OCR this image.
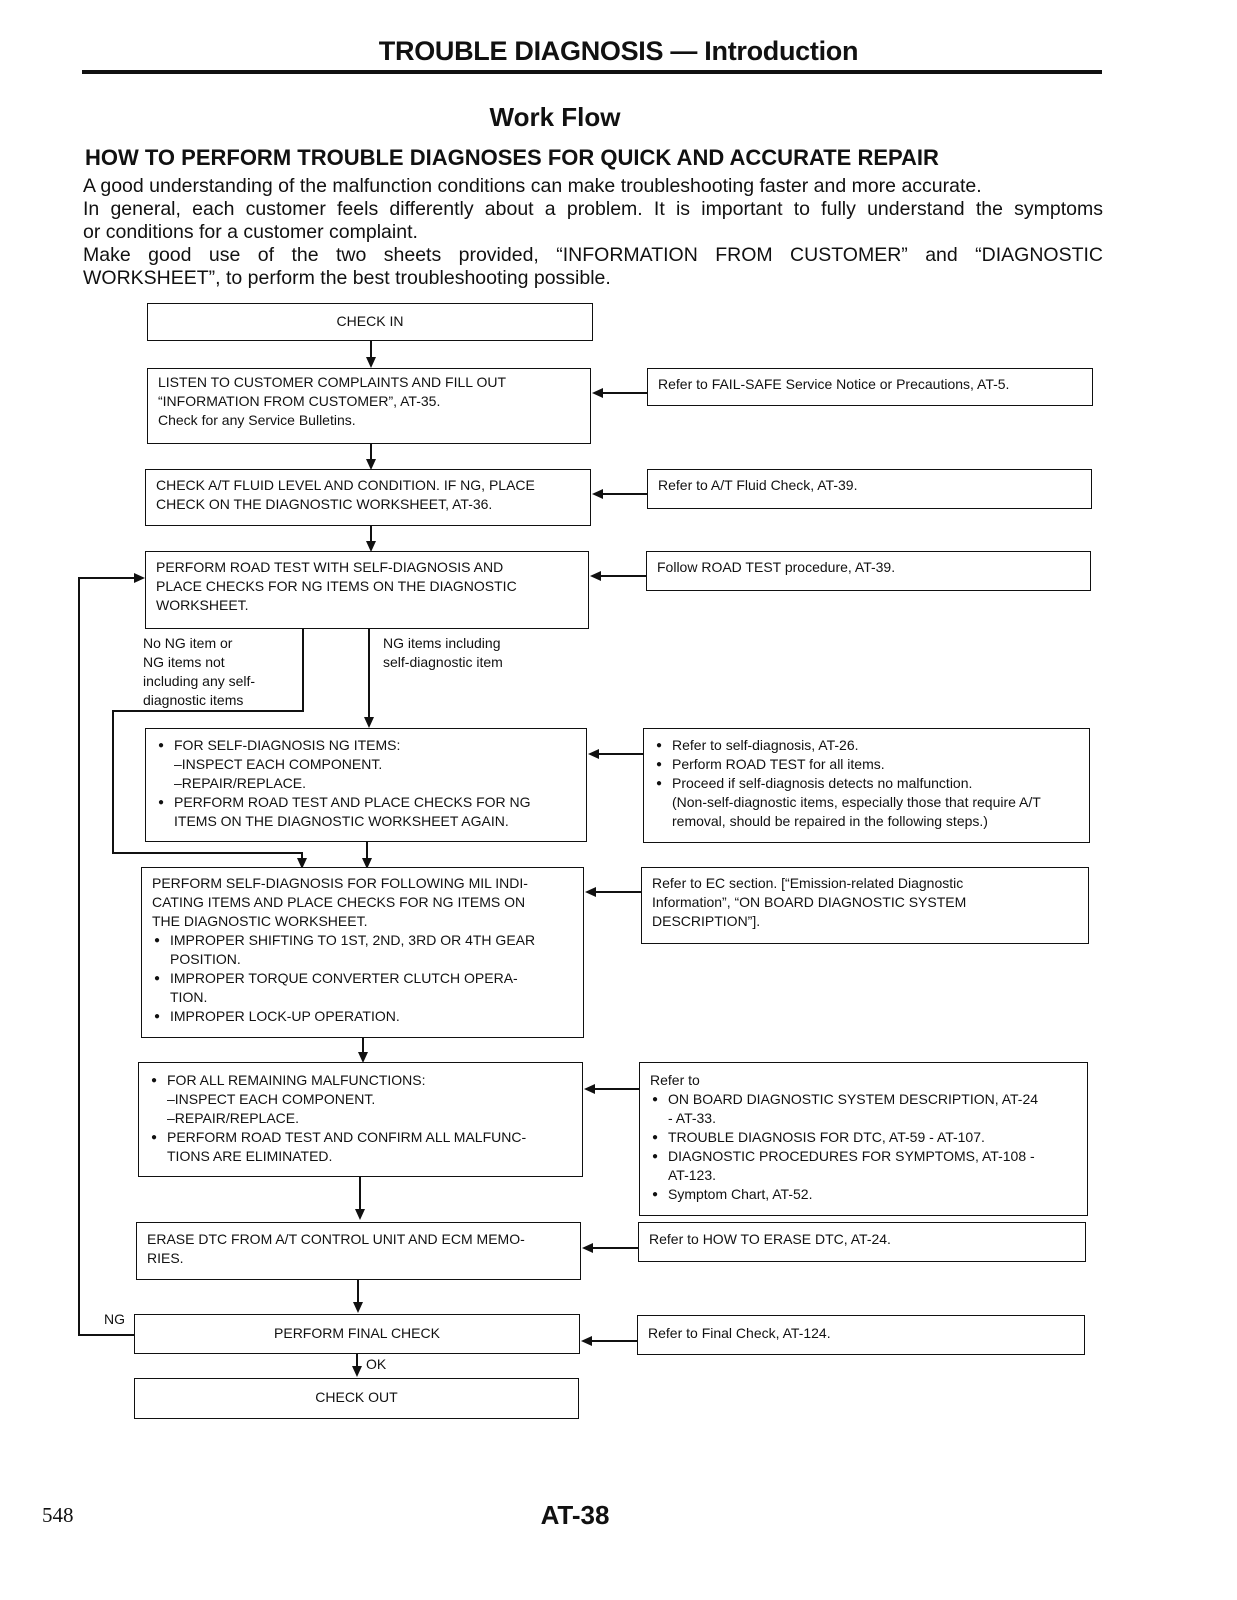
TROUBLE DIAGNOSIS — Introduction
Work Flow
HOW TO PERFORM TROUBLE DIAGNOSES FOR QUICK AND ACCURATE REPAIR

A good understanding of the malfunction conditions can make troubleshooting faster and more accurate.

In general, each customer feels differently about a problem. It is important to fully understand the symptoms

or conditions for a customer complaint.

Make good use of the two sheets provided, “INFORMATION FROM CUSTOMER” and “DIAGNOSTIC

WORKSHEET”, to perform the best troubleshooting possible.

CHECK IN
LISTEN TO CUSTOMER COMPLAINTS AND FILL OUT
“INFORMATION FROM CUSTOMER”, AT-35.
Check for any Service Bulletins.
Refer to FAIL-SAFE Service Notice or Precautions, AT-5.
CHECK A/T FLUID LEVEL AND CONDITION. IF NG, PLACE
CHECK ON THE DIAGNOSTIC WORKSHEET, AT-36.
Refer to A/T Fluid Check, AT-39.
PERFORM ROAD TEST WITH SELF-DIAGNOSIS AND
PLACE CHECKS FOR NG ITEMS ON THE DIAGNOSTIC
WORKSHEET.
Follow ROAD TEST procedure, AT-39.
No NG item or
NG items not
including any self-
diagnostic items
NG items including
self-diagnostic item
● FOR SELF-DIAGNOSIS NG ITEMS:
–INSPECT EACH COMPONENT.
–REPAIR/REPLACE.
● PERFORM ROAD TEST AND PLACE CHECKS FOR NG
ITEMS ON THE DIAGNOSTIC WORKSHEET AGAIN.
● Refer to self-diagnosis, AT-26.
● Perform ROAD TEST for all items.
● Proceed if self-diagnosis detects no malfunction.
(Non-self-diagnostic items, especially those that require A/T
removal, should be repaired in the following steps.)
PERFORM SELF-DIAGNOSIS FOR FOLLOWING MIL INDI-
CATING ITEMS AND PLACE CHECKS FOR NG ITEMS ON
THE DIAGNOSTIC WORKSHEET.
● IMPROPER SHIFTING TO 1ST, 2ND, 3RD OR 4TH GEAR
POSITION.
● IMPROPER TORQUE CONVERTER CLUTCH OPERA-
TION.
● IMPROPER LOCK-UP OPERATION.
Refer to EC section. [“Emission-related Diagnostic
Information”, “ON BOARD DIAGNOSTIC SYSTEM
DESCRIPTION”].
● FOR ALL REMAINING MALFUNCTIONS:
–INSPECT EACH COMPONENT.
–REPAIR/REPLACE.
● PERFORM ROAD TEST AND CONFIRM ALL MALFUNC-
TIONS ARE ELIMINATED.
Refer to
● ON BOARD DIAGNOSTIC SYSTEM DESCRIPTION, AT-24
- AT-33.
● TROUBLE DIAGNOSIS FOR DTC, AT-59 - AT-107.
● DIAGNOSTIC PROCEDURES FOR SYMPTOMS, AT-108 -
AT-123.
● Symptom Chart, AT-52.
ERASE DTC FROM A/T CONTROL UNIT AND ECM MEMO-
RIES.
Refer to HOW TO ERASE DTC, AT-24.
PERFORM FINAL CHECK	Refer to Final Check, AT-124.
NG
OK
CHECK OUT
548	AT-38
